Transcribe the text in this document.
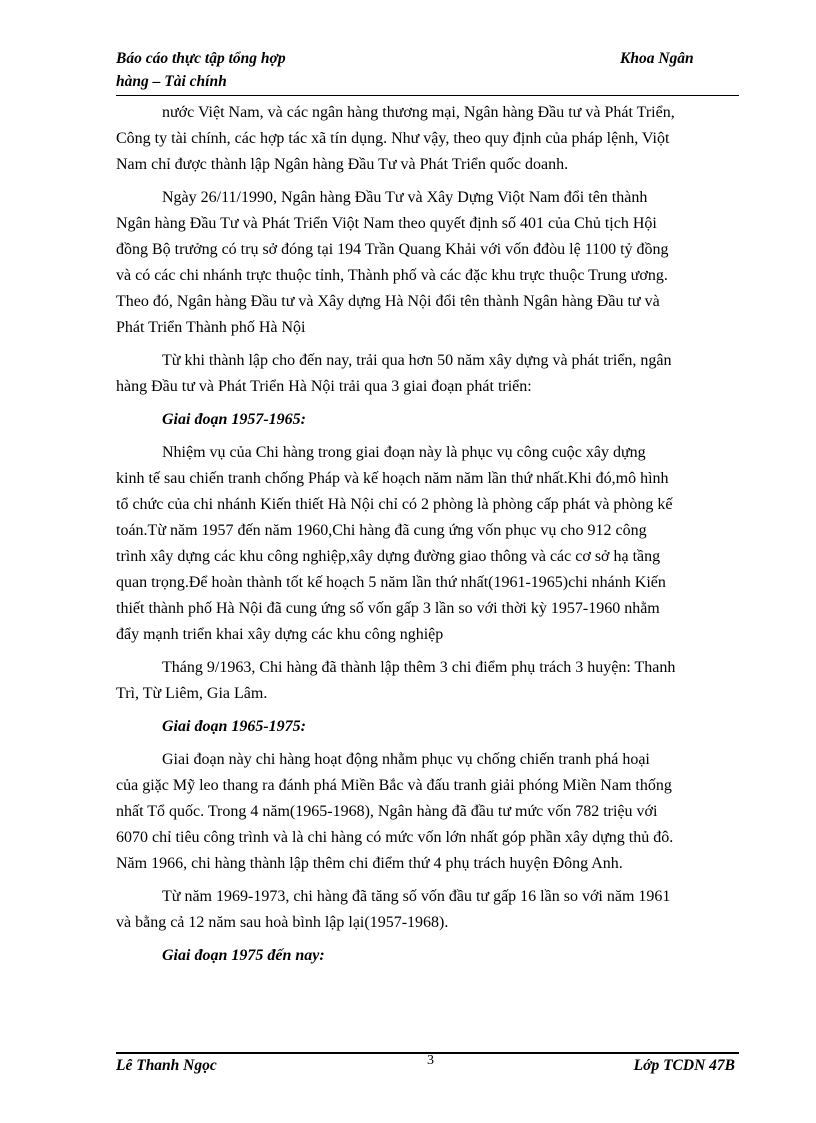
Báo cáo thực tập tổng hợp
hàng – Tài chính
Khoa Ngân

nước Việt Nam, và các ngân hàng thương mại, Ngân hàng Đầu tư và Phát Triển,
Công ty tài chính, các hợp tác xã tín dụng. Như vậy, theo quy định của pháp lệnh, Viột
Nam chỉ được thành lập Ngân hàng Đầu Tư và Phát Triển quốc doanh.

Ngày 26/11/1990, Ngân hàng Đầu Tư và Xây Dựng Viột Nam đổi tên thành
Ngân hàng Đầu Tư và Phát Triển Viột Nam theo quyết định số 401 của Chủ tịch Hội
đồng Bộ trưởng có trụ sở đóng tại 194 Trần Quang Khải với vốn đđòu lệ 1100 tỷ đồng
và có các chi nhánh trực thuộc tỉnh, Thành phố và các đặc khu trực thuộc Trung ương.
Theo đó, Ngân hàng Đầu tư và Xây dựng Hà Nội đổi tên thành Ngân hàng Đầu tư và
Phát Triển Thành phố Hà Nội

Từ khi thành lập cho đến nay, trải qua hơn 50 năm xây dựng và phát triển, ngân
hàng Đầu tư và Phát Triển Hà Nội trải qua 3 giai đoạn phát triển:

Giai đoạn 1957-1965:

Nhiệm vụ của Chi hàng trong giai đoạn này là phục vụ công cuộc xây dựng
kinh tế sau chiến tranh chống Pháp và kế hoạch năm năm lần thứ nhất.Khi đó,mô hình
tổ chức của chi nhánh Kiến thiết Hà Nội chỉ có 2 phòng là phòng cấp phát và phòng kế
toán.Từ năm 1957 đến năm 1960,Chi hàng đã cung ứng vốn phục vụ cho 912 công
trình xây dựng các khu công nghiệp,xây dựng đường giao thông và các cơ sở hạ tầng
quan trọng.Để hoàn thành tốt kế hoạch 5 năm lần thứ nhất(1961-1965)chi nhánh Kiến
thiết thành phố Hà Nội đã cung ứng số vốn gấp 3 lần so với thời kỳ 1957-1960 nhằm
đẩy mạnh triển khai xây dựng các khu công nghiệp

Tháng 9/1963, Chi hàng đã thành lập thêm 3 chi điểm phụ trách 3 huyện: Thanh
Trì, Từ Liêm, Gia Lâm.

Giai đoạn 1965-1975:

Giai đoạn này chi hàng hoạt động nhằm phục vụ chống chiến tranh phá hoại
của giặc Mỹ leo thang ra đánh phá Miền Bắc và đấu tranh giải phóng Miền Nam thống
nhất Tổ quốc. Trong 4 năm(1965-1968), Ngân hàng đã đầu tư mức vốn 782 triệu với
6070 chỉ tiêu công trình và là chi hàng có mức vốn lớn nhất góp phần xây dựng thủ đô.
Năm 1966, chi hàng thành lập thêm chi điểm thứ 4 phụ trách huyện Đông Anh.

Từ năm 1969-1973, chi hàng đã tăng số vốn đầu tư gấp 16 lần so với năm 1961
và bằng cả 12 năm sau hoà bình lập lại(1957-1968).

Giai đoạn 1975 đến nay:

Lê Thanh Ngọc	3	Lớp TCDN 47B
